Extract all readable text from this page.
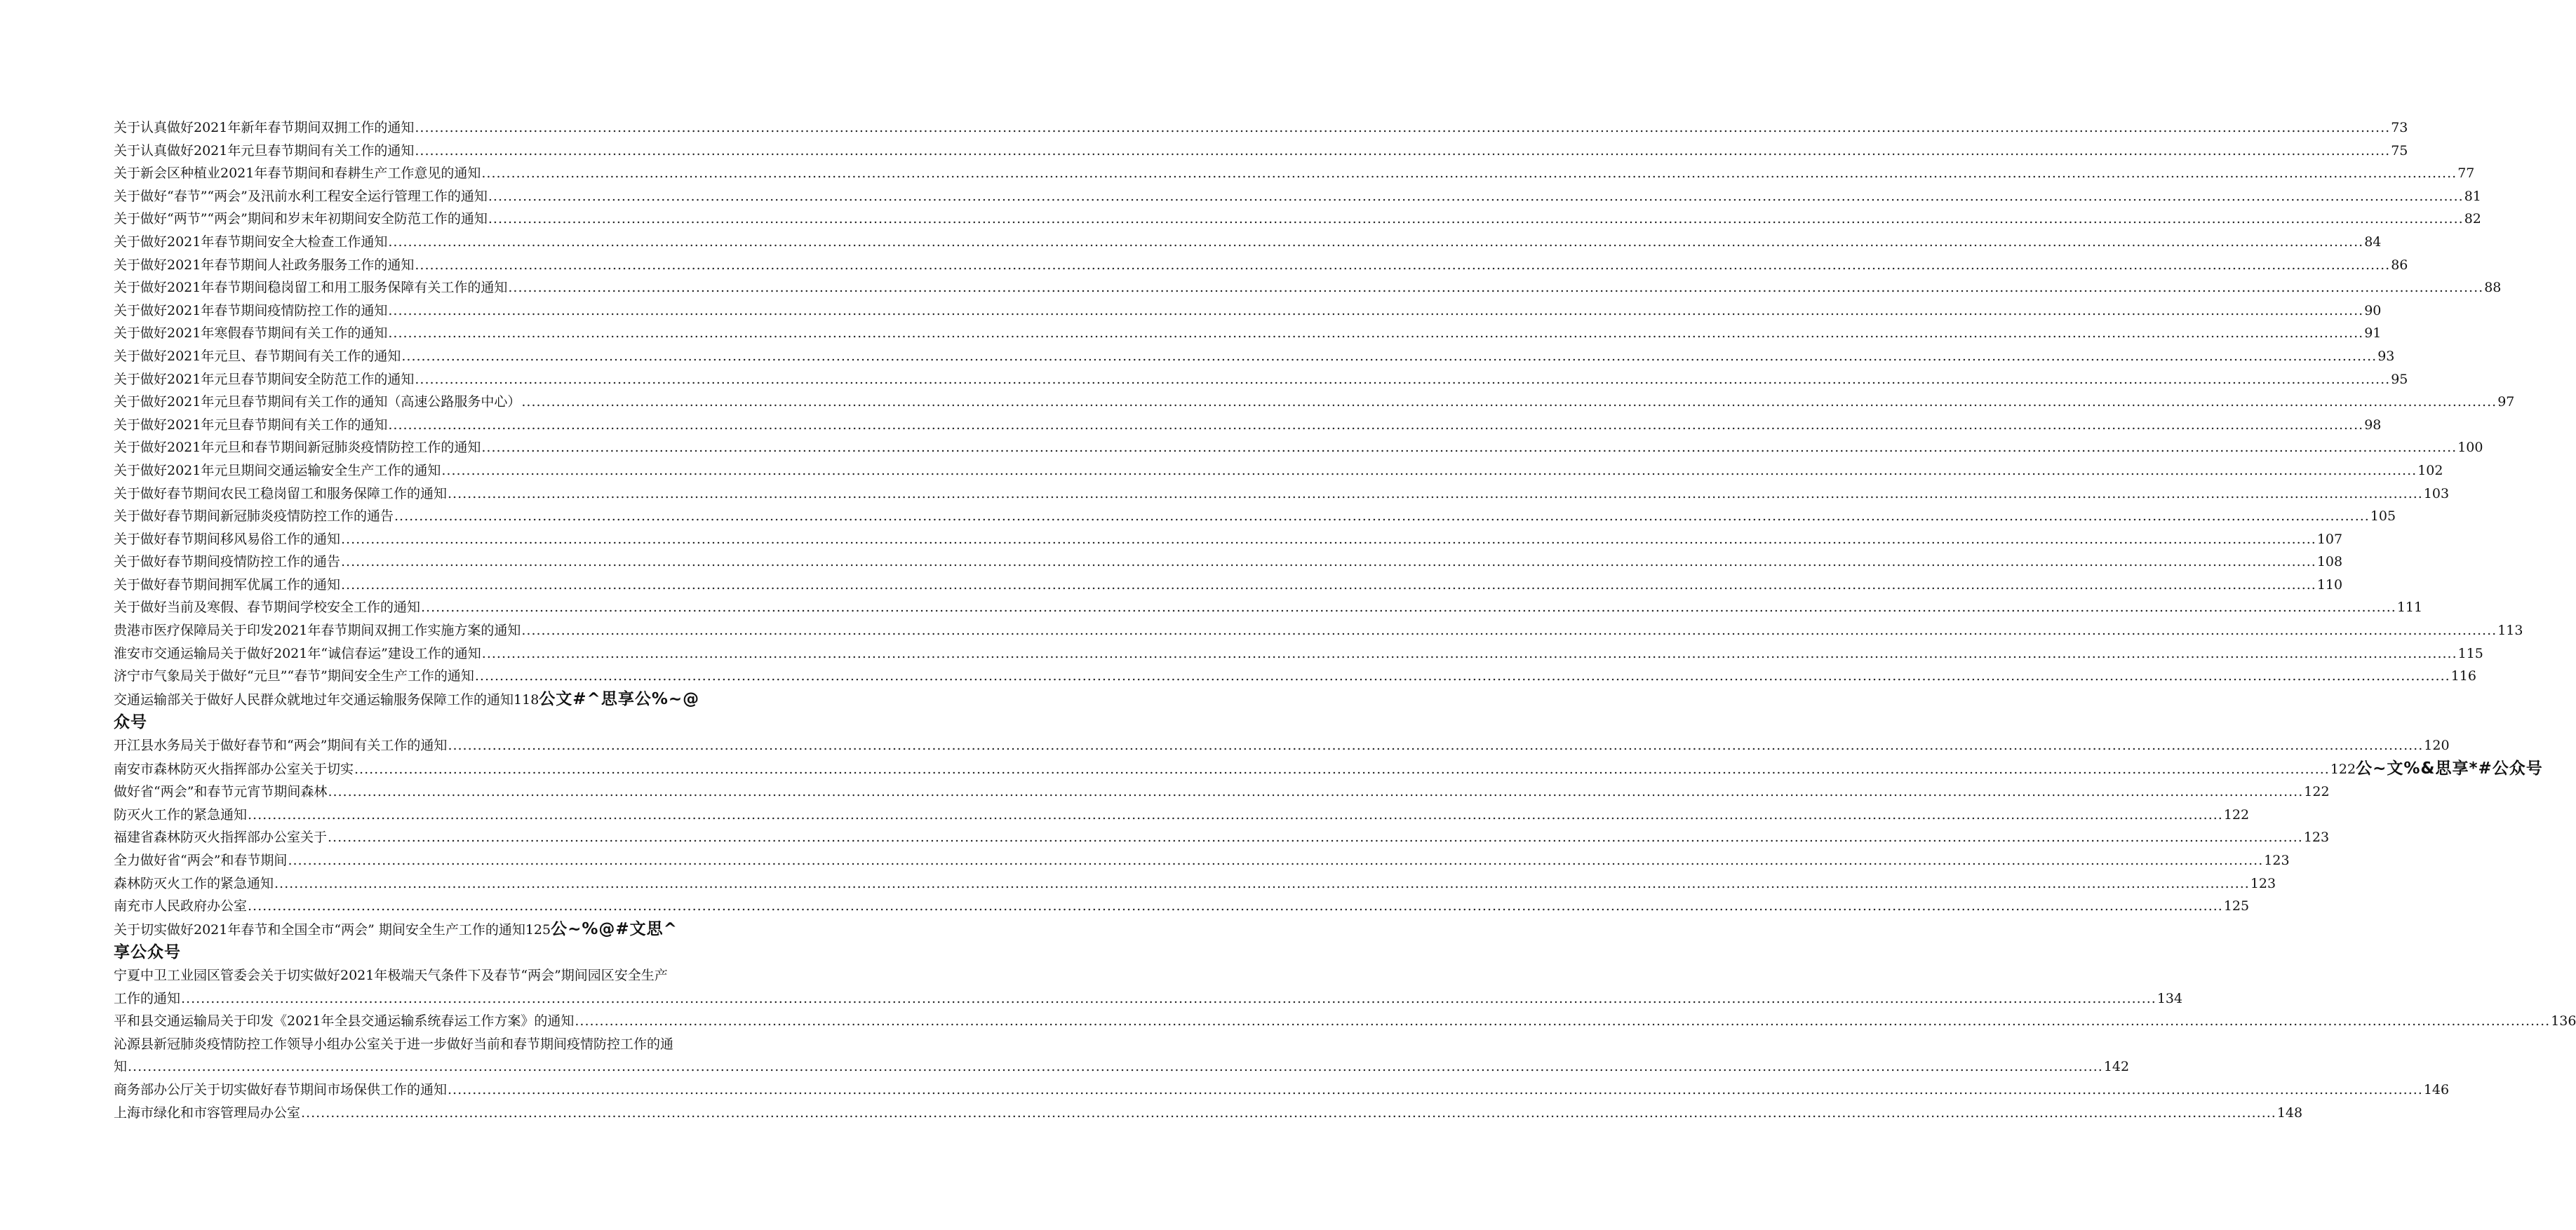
关于认真做好2021年新年春节期间双拥工作的通知 ................................................................................................................................................................................................................................................................................................................................................................................................................ 73
关于认真做好2021年元旦春节期间有关工作的通知 ................................................................................................................................................................................................................................................................................................................................................................................................................ 75
关于新会区种植业2021年春节期间和春耕生产工作意见的通知 ................................................................................................................................................................................................................................................................................................................................................................................................................ 77
关于做好“春节”“两会”及汛前水利工程安全运行管理工作的通知 ................................................................................................................................................................................................................................................................................................................................................................................................................ 81
关于做好“两节”“两会”期间和岁末年初期间安全防范工作的通知 ................................................................................................................................................................................................................................................................................................................................................................................................................ 82
关于做好2021年春节期间安全大检查工作通知 ................................................................................................................................................................................................................................................................................................................................................................................................................ 84
关于做好2021年春节期间人社政务服务工作的通知 ................................................................................................................................................................................................................................................................................................................................................................................................................ 86
关于做好2021年春节期间稳岗留工和用工服务保障有关工作的通知 ................................................................................................................................................................................................................................................................................................................................................................................................................ 88
关于做好2021年春节期间疫情防控工作的通知 ................................................................................................................................................................................................................................................................................................................................................................................................................ 90
关于做好2021年寒假春节期间有关工作的通知 ................................................................................................................................................................................................................................................................................................................................................................................................................ 91
关于做好2021年元旦、春节期间有关工作的通知 ................................................................................................................................................................................................................................................................................................................................................................................................................ 93
关于做好2021年元旦春节期间安全防范工作的通知 ................................................................................................................................................................................................................................................................................................................................................................................................................ 95
关于做好2021年元旦春节期间有关工作的通知（高速公路服务中心） ................................................................................................................................................................................................................................................................................................................................................................................................................ 97
关于做好2021年元旦春节期间有关工作的通知 ................................................................................................................................................................................................................................................................................................................................................................................................................ 98
关于做好2021年元旦和春节期间新冠肺炎疫情防控工作的通知 ................................................................................................................................................................................................................................................................................................................................................................................................................ 100
关于做好2021年元旦期间交通运输安全生产工作的通知 ................................................................................................................................................................................................................................................................................................................................................................................................................ 102
关于做好春节期间农民工稳岗留工和服务保障工作的通知 ................................................................................................................................................................................................................................................................................................................................................................................................................ 103
关于做好春节期间新冠肺炎疫情防控工作的通告 ................................................................................................................................................................................................................................................................................................................................................................................................................ 105
关于做好春节期间移风易俗工作的通知 ................................................................................................................................................................................................................................................................................................................................................................................................................ 107
关于做好春节期间疫情防控工作的通告 ................................................................................................................................................................................................................................................................................................................................................................................................................ 108
关于做好春节期间拥军优属工作的通知 ................................................................................................................................................................................................................................................................................................................................................................................................................ 110
关于做好当前及寒假、春节期间学校安全工作的通知 ................................................................................................................................................................................................................................................................................................................................................................................................................ 111
贵港市医疗保障局关于印发2021年春节期间双拥工作实施方案的通知 ................................................................................................................................................................................................................................................................................................................................................................................................................ 113
淮安市交通运输局关于做好2021年“诚信春运”建设工作的通知 ................................................................................................................................................................................................................................................................................................................................................................................................................ 115
济宁市气象局关于做好“元旦”“春节”期间安全生产工作的通知 ................................................................................................................................................................................................................................................................................................................................................................................................................ 116
交通运输部关于做好人民群众就地过年交通运输服务保障工作的通知118公文#^思享公%~@
众号
开江县水务局关于做好春节和“两会”期间有关工作的通知 ................................................................................................................................................................................................................................................................................................................................................................................................................ 120
南安市森林防灭火指挥部办公室关于切实 ................................................................................................................................................................................................................................................................................................................................................................................................................ 122 公~文%&思享*#公众号
做好省“两会”和春节元宵节期间森林 ................................................................................................................................................................................................................................................................................................................................................................................................................ 122
防灭火工作的紧急通知 ................................................................................................................................................................................................................................................................................................................................................................................................................ 122
福建省森林防灭火指挥部办公室关于 ................................................................................................................................................................................................................................................................................................................................................................................................................ 123
全力做好省“两会”和春节期间 ................................................................................................................................................................................................................................................................................................................................................................................................................ 123
森林防灭火工作的紧急通知 ................................................................................................................................................................................................................................................................................................................................................................................................................ 123
南充市人民政府办公室 ................................................................................................................................................................................................................................................................................................................................................................................................................ 125
关于切实做好2021年春节和全国全市“两会” 期间安全生产工作的通知125公~%@#文思^
享公众号
宁夏中卫工业园区管委会关于切实做好2021年极端天气条件下及春节“两会”期间园区安全生产
工作的通知 ................................................................................................................................................................................................................................................................................................................................................................................................................ 134
平和县交通运输局关于印发《2021年全县交通运输系统春运工作方案》的通知 ................................................................................................................................................................................................................................................................................................................................................................................................................ 136
沁源县新冠肺炎疫情防控工作领导小组办公室关于进一步做好当前和春节期间疫情防控工作的通
知 ................................................................................................................................................................................................................................................................................................................................................................................................................ 142
商务部办公厅关于切实做好春节期间市场保供工作的通知 ................................................................................................................................................................................................................................................................................................................................................................................................................ 146
上海市绿化和市容管理局办公室 ................................................................................................................................................................................................................................................................................................................................................................................................................ 148
